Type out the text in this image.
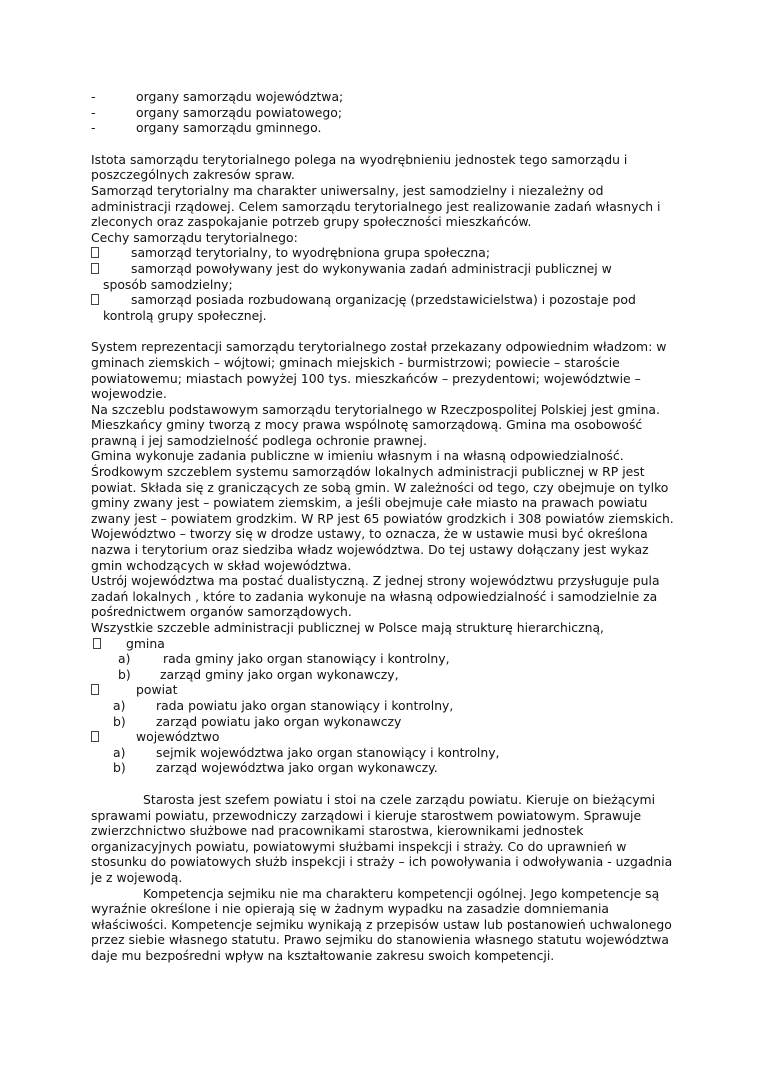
-	organy samorządu województwa;
-	organy samorządu powiatowego;
-	organy samorządu gminnego.

Istota samorządu terytorialnego polega na wyodrębnieniu jednostek tego samorządu i poszczególnych zakresów spraw.

Samorząd terytorialny ma charakter uniwersalny, jest samodzielny i niezależny od administracji rządowej. Celem samorządu terytorialnego jest realizowanie zadań własnych i zleconych oraz zaspokajanie potrzeb grupy społeczności mieszkańców.

Cechy samorządu terytorialnego:

samorząd terytorialny, to wyodrębniona grupa społeczna;
samorząd powoływany jest do wykonywania zadań administracji publicznej w
sposób samodzielny;
samorząd posiada rozbudowaną organizację (przedstawicielstwa) i pozostaje pod
kontrolą grupy społecznej.

System reprezentacji samorządu terytorialnego został przekazany odpowiednim władzom: w gminach ziemskich – wójtowi; gminach miejskich - burmistrzowi; powiecie – staroście powiatowemu; miastach powyżej 100 tys. mieszkańców – prezydentowi; województwie – wojewodzie.

Na szczeblu podstawowym samorządu terytorialnego w Rzeczpospolitej Polskiej jest gmina. Mieszkańcy gminy tworzą z mocy prawa wspólnotę samorządową. Gmina ma osobowość prawną i jej samodzielność podlega ochronie prawnej.

Gmina wykonuje zadania publiczne w imieniu własnym i na własną odpowiedzialność.

Środkowym szczeblem systemu samorządów lokalnych administracji publicznej w RP jest powiat. Składa się z graniczących ze sobą gmin. W zależności od tego, czy obejmuje on tylko gminy zwany jest – powiatem ziemskim, a jeśli obejmuje całe miasto na prawach powiatu zwany jest – powiatem grodzkim. W RP jest 65 powiatów grodzkich i 308 powiatów ziemskich.

Województwo – tworzy się w drodze ustawy, to oznacza, że w ustawie musi być określona nazwa i terytorium oraz siedziba władz województwa. Do tej ustawy dołączany jest wykaz gmin wchodzących w skład województwa.

Ustrój województwa ma postać dualistyczną. Z jednej strony województwu przysługuje pula zadań lokalnych , które to zadania wykonuje na własną odpowiedzialność i samodzielnie za pośrednictwem organów samorządowych.

Wszystkie szczeble administracji publicznej w Polsce mają strukturę hierarchiczną,

gmina
a)	rada gminy jako organ stanowiący i kontrolny,
b)	zarząd gminy jako organ wykonawczy,
powiat
a)	rada powiatu jako organ stanowiący i kontrolny,
b)	zarząd powiatu jako organ wykonawczy
województwo
a)	sejmik województwa jako organ stanowiący i kontrolny,
b)	zarząd województwa jako organ wykonawczy.

Starosta jest szefem powiatu i stoi na czele zarządu powiatu. Kieruje on bieżącymi sprawami powiatu, przewodniczy zarządowi i kieruje starostwem powiatowym. Sprawuje zwierzchnictwo służbowe nad pracownikami starostwa, kierownikami jednostek organizacyjnych powiatu, powiatowymi służbami inspekcji i straży. Co do uprawnień w stosunku do powiatowych służb inspekcji i straży – ich powoływania i odwoływania - uzgadnia je z wojewodą.

Kompetencja sejmiku nie ma charakteru kompetencji ogólnej. Jego kompetencje są wyraźnie określone i nie opierają się w żadnym wypadku na zasadzie domniemania właściwości. Kompetencje sejmiku wynikają z przepisów ustaw lub postanowień uchwalonego przez siebie własnego statutu. Prawo sejmiku do stanowienia własnego statutu województwa daje mu bezpośredni wpływ na kształtowanie zakresu swoich kompetencji.
